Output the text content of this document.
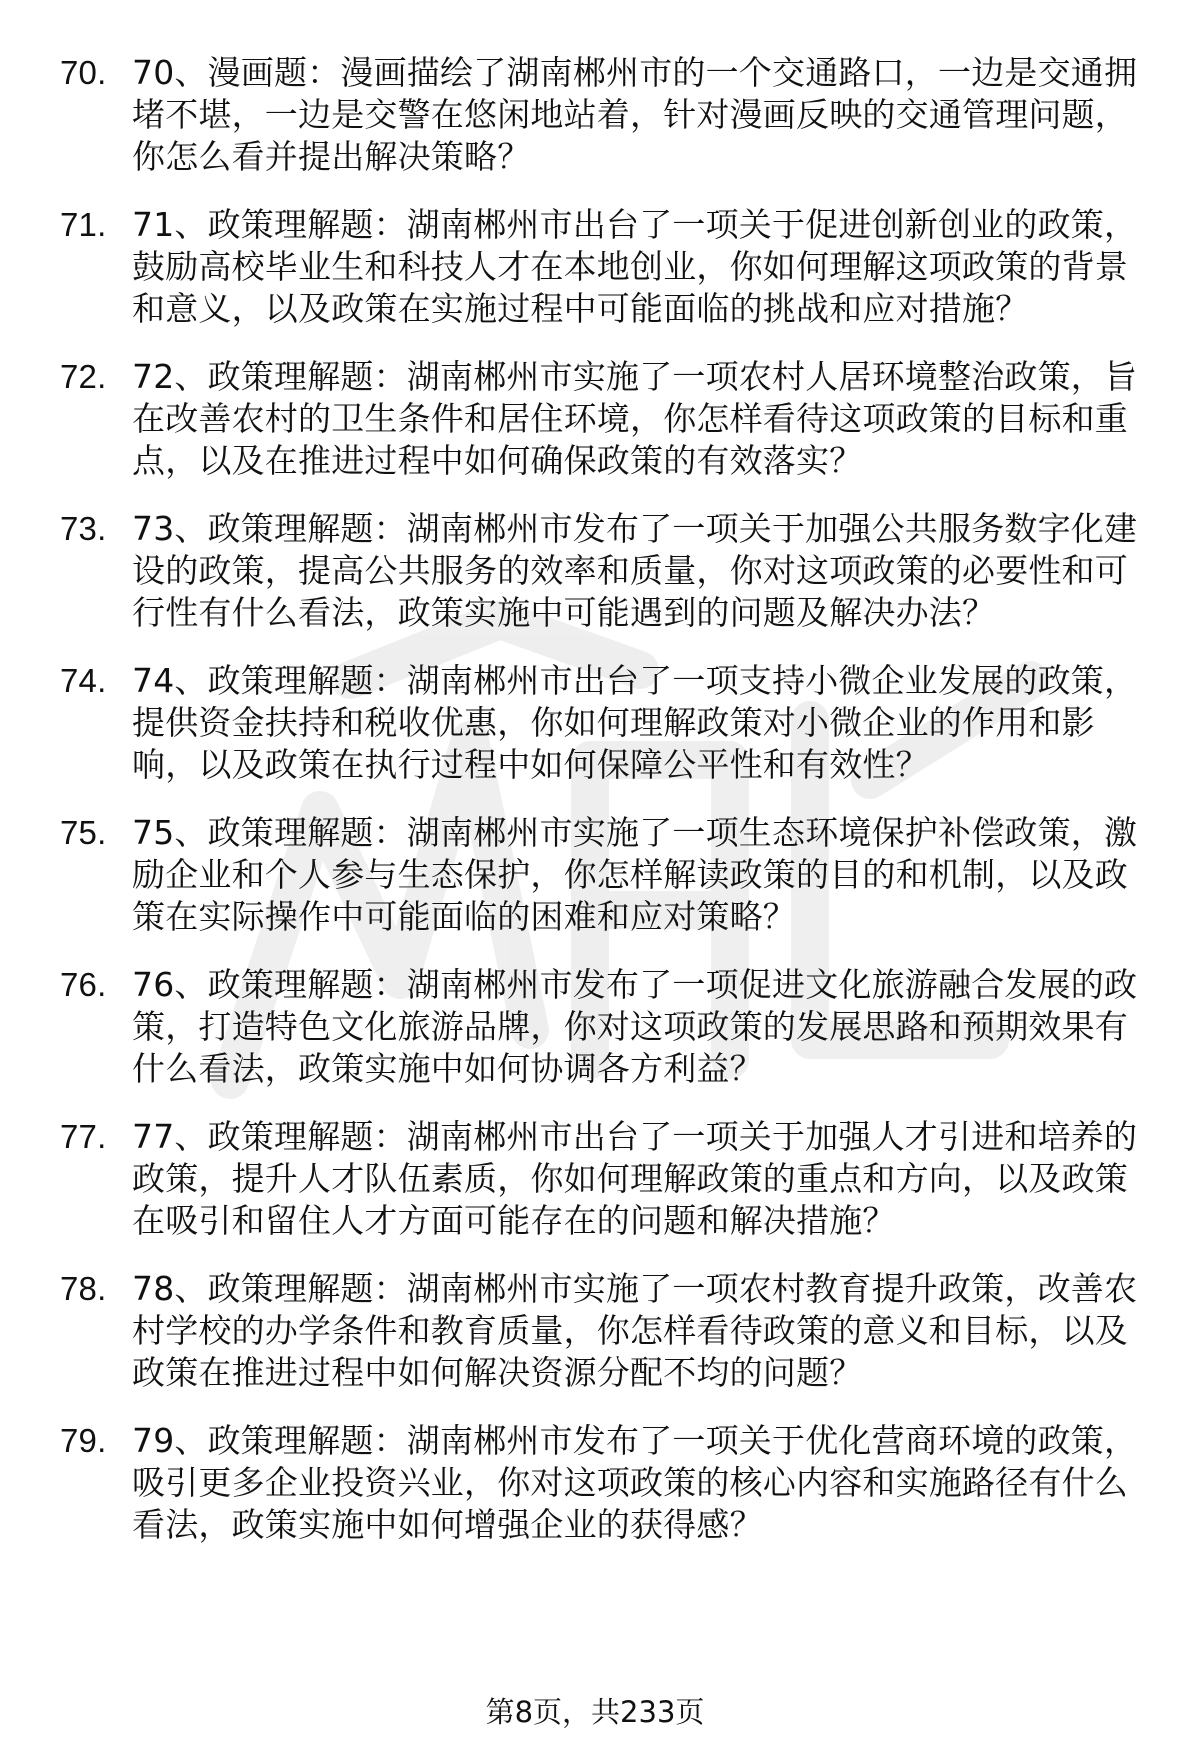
70. 70、漫画题：漫画描绘了湖南郴州市的一个交通路口，一边是交通拥堵不堪，一边是交警在悠闲地站着，针对漫画反映的交通管理问题，你怎么看并提出解决策略？
71. 71、政策理解题：湖南郴州市出台了一项关于促进创新创业的政策，鼓励高校毕业生和科技人才在本地创业，你如何理解这项政策的背景和意义，以及政策在实施过程中可能面临的挑战和应对措施？
72. 72、政策理解题：湖南郴州市实施了一项农村人居环境整治政策，旨在改善农村的卫生条件和居住环境，你怎样看待这项政策的目标和重点，以及在推进过程中如何确保政策的有效落实？
73. 73、政策理解题：湖南郴州市发布了一项关于加强公共服务数字化建设的政策，提高公共服务的效率和质量，你对这项政策的必要性和可行性有什么看法，政策实施中可能遇到的问题及解决办法？
74. 74、政策理解题：湖南郴州市出台了一项支持小微企业发展的政策，提供资金扶持和税收优惠，你如何理解政策对小微企业的作用和影响，以及政策在执行过程中如何保障公平性和有效性？
75. 75、政策理解题：湖南郴州市实施了一项生态环境保护补偿政策，激励企业和个人参与生态保护，你怎样解读政策的目的和机制，以及政策在实际操作中可能面临的困难和应对策略？
76. 76、政策理解题：湖南郴州市发布了一项促进文化旅游融合发展的政策，打造特色文化旅游品牌，你对这项政策的发展思路和预期效果有什么看法，政策实施中如何协调各方利益？
77. 77、政策理解题：湖南郴州市出台了一项关于加强人才引进和培养的政策，提升人才队伍素质，你如何理解政策的重点和方向，以及政策在吸引和留住人才方面可能存在的问题和解决措施？
78. 78、政策理解题：湖南郴州市实施了一项农村教育提升政策，改善农村学校的办学条件和教育质量，你怎样看待政策的意义和目标，以及政策在推进过程中如何解决资源分配不均的问题？
79. 79、政策理解题：湖南郴州市发布了一项关于优化营商环境的政策，吸引更多企业投资兴业，你对这项政策的核心内容和实施路径有什么看法，政策实施中如何增强企业的获得感？
第8页，共233页
